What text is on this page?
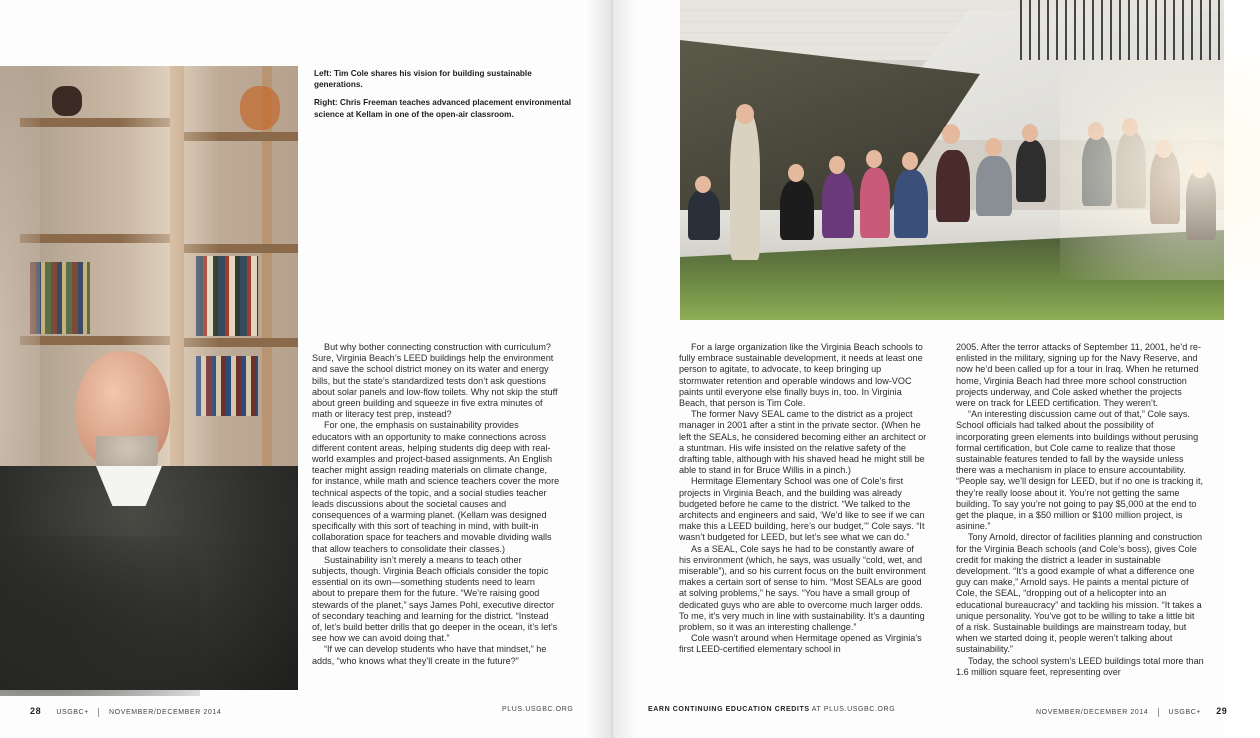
Left: Tim Cole shares his vision for building sustainable generations.

Right: Chris Freeman teaches advanced placement environmental science at Kellam in one of the open-air classroom.

But why bother connecting construction with curriculum? Sure, Virginia Beach’s LEED buildings help the environment and save the school district money on its water and energy bills, but the state’s standardized tests don’t ask questions about solar panels and low-flow toilets. Why not skip the stuff about green building and squeeze in five extra minutes of math or literacy test prep, instead?

For one, the emphasis on sustainability provides educators with an opportunity to make connections across different content areas, helping students dig deep with real-world examples and project-based assignments. An English teacher might assign reading materials on climate change, for instance, while math and science teachers cover the more technical aspects of the topic, and a social studies teacher leads discussions about the societal causes and consequences of a warming planet. (Kellam was designed specifically with this sort of teaching in mind, with built-in collaboration space for teachers and movable dividing walls that allow teachers to consolidate their classes.)

Sustainability isn’t merely a means to teach other subjects, though. Virginia Beach officials consider the topic essential on its own—something students need to learn about to prepare them for the future. “We’re raising good stewards of the planet,” says James Pohl, executive director of secondary teaching and learning for the district. “Instead of, let’s build better drills that go deeper in the ocean, it’s let’s see how we can avoid doing that.”

“If we can develop students who have that mindset,” he adds, “who knows what they’ll create in the future?”

For a large organization like the Virginia Beach schools to fully embrace sustainable development, it needs at least one person to agitate, to advocate, to keep bringing up stormwater retention and operable windows and low-VOC paints until everyone else finally buys in, too. In Virginia Beach, that person is Tim Cole.

The former Navy SEAL came to the district as a project manager in 2001 after a stint in the private sector. (When he left the SEALs, he considered becoming either an architect or a stuntman. His wife insisted on the relative safety of the drafting table, although with his shaved head he might still be able to stand in for Bruce Willis in a pinch.)

Hermitage Elementary School was one of Cole’s first projects in Virginia Beach, and the building was already budgeted before he came to the district. “We talked to the architects and engineers and said, ‘We’d like to see if we can make this a LEED building, here’s our budget,’” Cole says. “It wasn’t budgeted for LEED, but let’s see what we can do.”

As a SEAL, Cole says he had to be constantly aware of his environment (which, he says, was usually “cold, wet, and miserable”), and so his current focus on the built environment makes a certain sort of sense to him. “Most SEALs are good at solving problems,” he says. “You have a small group of dedicated guys who are able to overcome much larger odds. To me, it’s very much in line with sustainability. It’s a daunting problem, so it was an interesting challenge.”

Cole wasn’t around when Hermitage opened as Virginia’s first LEED-certified elementary school in

2005. After the terror attacks of September 11, 2001, he’d re-enlisted in the military, signing up for the Navy Reserve, and now he’d been called up for a tour in Iraq. When he returned home, Virginia Beach had three more school construction projects underway, and Cole asked whether the projects were on track for LEED certification. They weren’t.

“An interesting discussion came out of that,” Cole says. School officials had talked about the possibility of incorporating green elements into buildings without perusing formal certification, but Cole came to realize that those sustainable features tended to fall by the wayside unless there was a mechanism in place to ensure accountability. “People say, we’ll design for LEED, but if no one is tracking it, they’re really loose about it. You’re not getting the same building. To say you’re not going to pay $5,000 at the end to get the plaque, in a $50 million or $100 million project, is asinine.”

Tony Arnold, director of facilities planning and construction for the Virginia Beach schools (and Cole’s boss), gives Cole credit for making the district a leader in sustainable development. “It’s a good example of what a difference one guy can make,” Arnold says. He paints a mental picture of Cole, the SEAL, “dropping out of a helicopter into an educational bureaucracy” and tackling his mission. “It takes a unique personality. You’ve got to be willing to take a little bit of a risk. Sustainable buildings are mainstream today, but when we started doing it, people weren’t talking about sustainability.”

Today, the school system’s LEED buildings total more than 1.6 million square feet, representing over

28 USGBC+	NOVEMBER/DECEMBER 2014	PLUS.USGBC.ORG	EARN CONTINUING EDUCATION CREDITS AT PLUS.USGBC.ORG	NOVEMBER/DECEMBER 2014	USGBC+ 29
